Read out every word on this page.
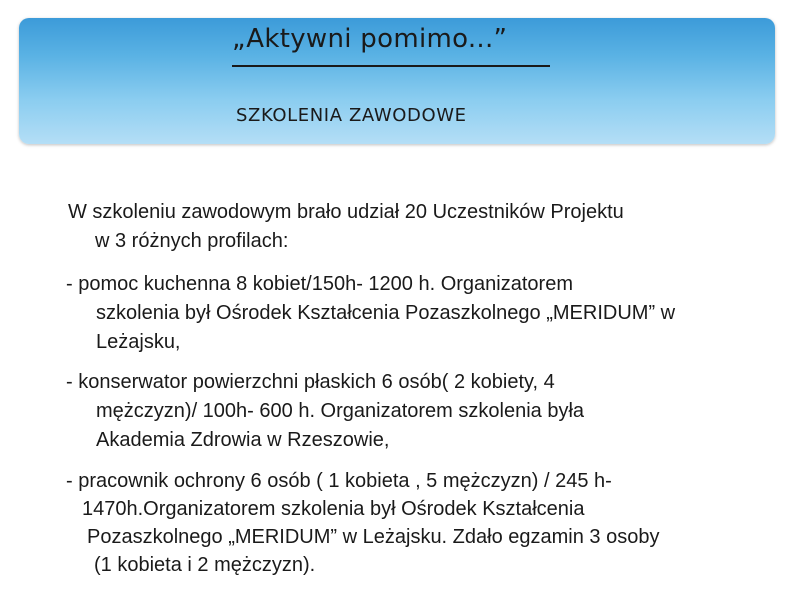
„Aktywni pomimo...”
SZKOLENIA ZAWODOWE
W szkoleniu zawodowym brało udział 20 Uczestników Projektu
w 3 różnych profilach:
- pomoc kuchenna 8 kobiet/150h- 1200 h. Organizatorem
szkolenia był Ośrodek Kształcenia Pozaszkolnego „MERIDUM” w
Leżajsku,
- konserwator powierzchni płaskich 6 osób( 2 kobiety, 4
mężczyzn)/ 100h- 600 h. Organizatorem szkolenia była
Akademia Zdrowia w Rzeszowie,
- pracownik ochrony 6 osób ( 1 kobieta , 5 mężczyzn) / 245 h-
1470h.Organizatorem szkolenia był Ośrodek Kształcenia
Pozaszkolnego „MERIDUM” w Leżajsku. Zdało egzamin 3 osoby
(1 kobieta i 2 mężczyzn).
